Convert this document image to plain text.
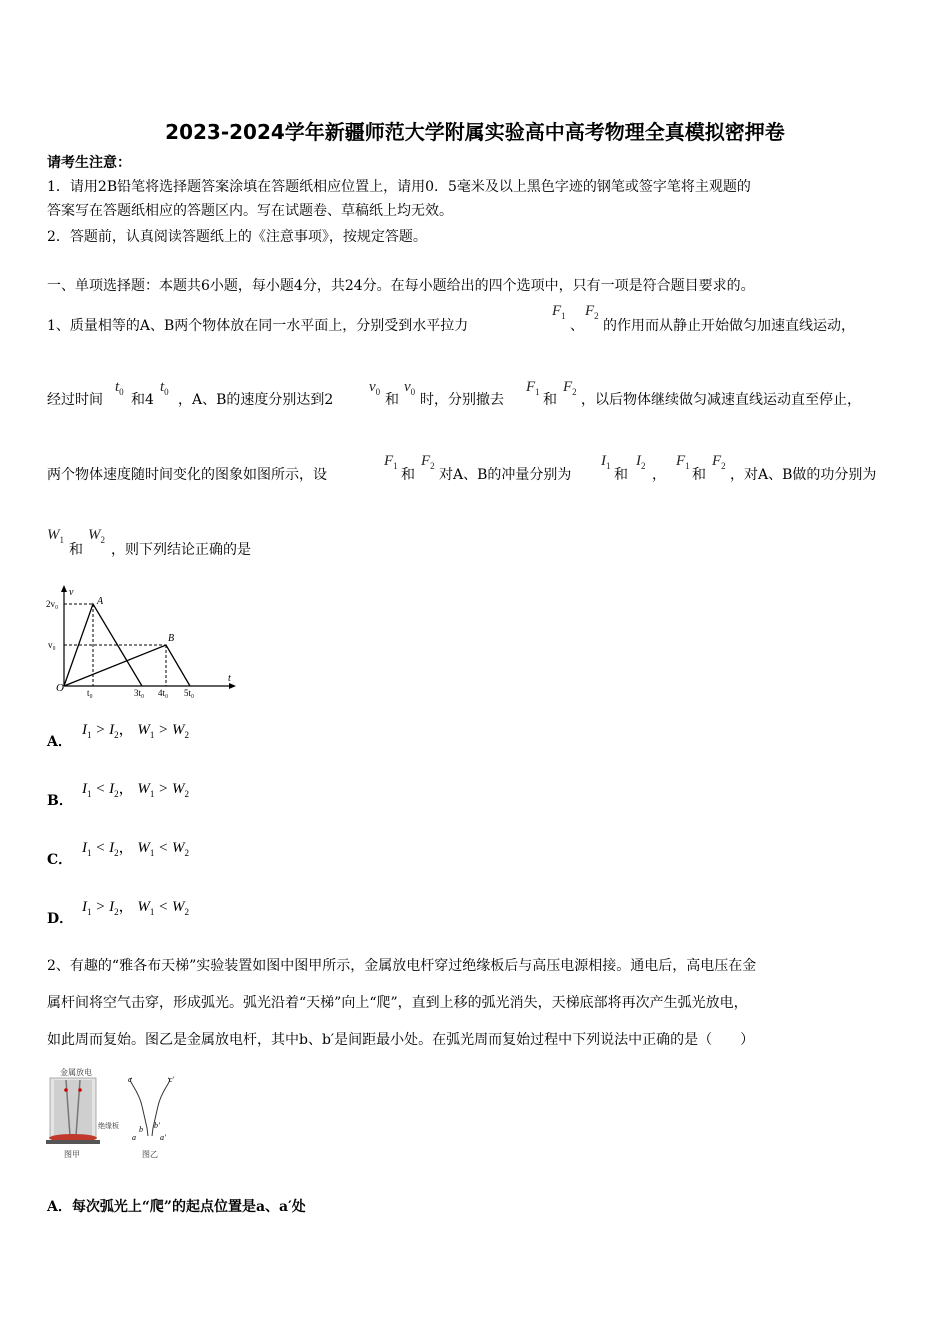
2023-2024学年新疆师范大学附属实验高中高考物理全真模拟密押卷
请考生注意：
1．请用2B铅笔将选择题答案涂填在答题纸相应位置上，请用0．5毫米及以上黑色字迹的钢笔或签字笔将主观题的
答案写在答题纸相应的答题区内。写在试题卷、草稿纸上均无效。
2．答题前，认真阅读答题纸上的《注意事项》，按规定答题。
一、单项选择题：本题共6小题，每小题4分，共24分。在每小题给出的四个选项中，只有一项是符合题目要求的。
1、质量相等的A、B两个物体放在同一水平面上，分别受到水平拉力
$F_1$
、
$F_2$
的作用而从静止开始做匀加速直线运动，
经过时间
$t_0$ 和4
$t_0$ ，A、B的速度分别达到2
$v_0$ 和
$v_0$ 时，分别撤去
$F_1$ 和
$F_2$ ，以后物体继续做匀减速直线运动直至停止，
两个物体速度随时间变化的图象如图所示，设
$F_1$
和
$F_2$
对A、B的冲量分别为
$I_1$
和
$I_2$
，
$F_1$
和
$F_2$
，对A、B做的功分别为
$W_1$
和
$W_2$
，则下列结论正确的是
v
t
O
2v₀
v₀
t₀	3t₀ 4t₀ 5t₀
A
B
A．
$I_1 > I_2$， $W_1 > W_2$
B．
$I_1 < I_2$， $W_1 > W_2$
C．
$I_1 < I_2$， $W_1 < W_2$
D．
$I_1 > I_2$， $W_1 < W_2$
2、有趣的“雅各布天梯”实验装置如图中图甲所示，金属放电杆穿过绝缘板后与高压电源相接。通电后，高电压在金
属杆间将空气击穿，形成弧光。弧光沿着“天梯”向上“爬”，直到上移的弧光消失，天梯底部将再次产生弧光放电，
如此周而复始。图乙是金属放电杆，其中b、b′是间距最小处。在弧光周而复始过程中下列说法中正确的是（　　）
金属放电
绝缘板
图甲
c	c′
b b′
a	a′
图乙
A．每次弧光上“爬”的起点位置是a、a′处
